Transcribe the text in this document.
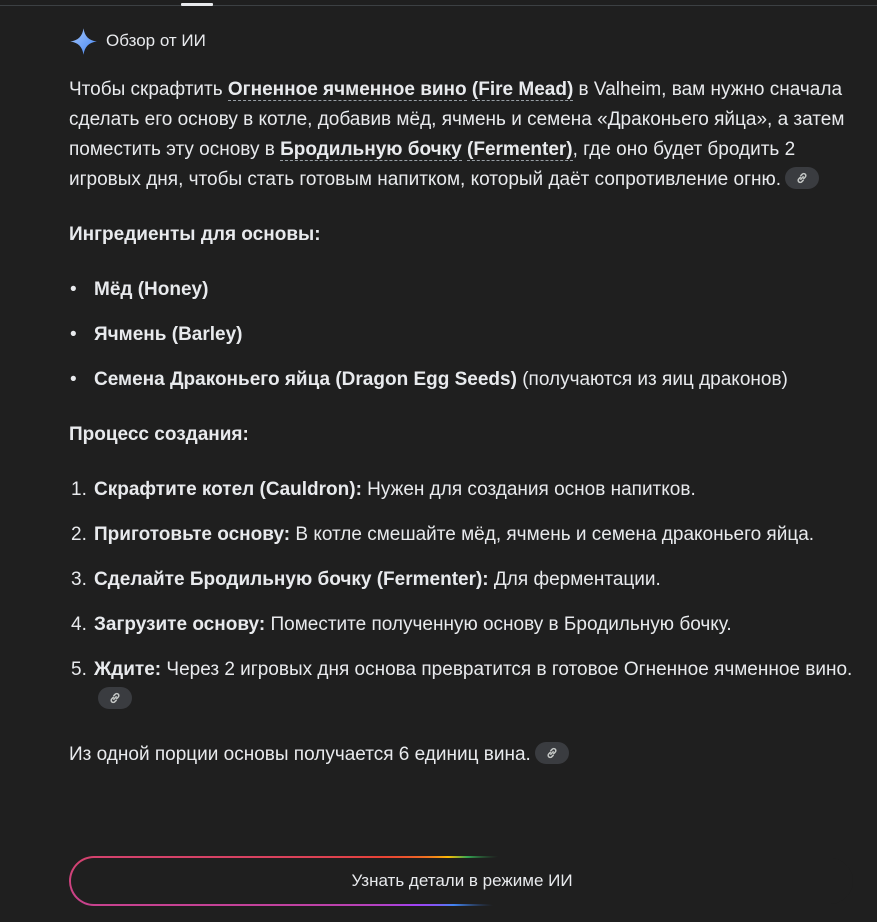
Обзор от ИИ

Чтобы скрафтить Огненное ячменное вино (Fire Mead) в Valheim, вам нужно сначала сделать его основу в котле, добавив мёд, ячмень и семена «Драконьего яйца», а затем поместить эту основу в Бродильную бочку (Fermenter), где оно будет бродить 2 игровых дня, чтобы стать готовым напитком, который даёт сопротивление огню.

Ингредиенты для основы:

• Мёд (Honey)
• Ячмень (Barley)
• Семена Драконьего яйца (Dragon Egg Seeds) (получаются из яиц драконов)

Процесс создания:

1. Скрафтите котел (Cauldron): Нужен для создания основ напитков.
2. Приготовьте основу: В котле смешайте мёд, ячмень и семена драконьего яйца.
3. Сделайте Бродильную бочку (Fermenter): Для ферментации.
4. Загрузите основу: Поместите полученную основу в Бродильную бочку.
5. Ждите: Через 2 игровых дня основа превратится в готовое Огненное ячменное вино.

Из одной порции основы получается 6 единиц вина.

Узнать детали в режиме ИИ
